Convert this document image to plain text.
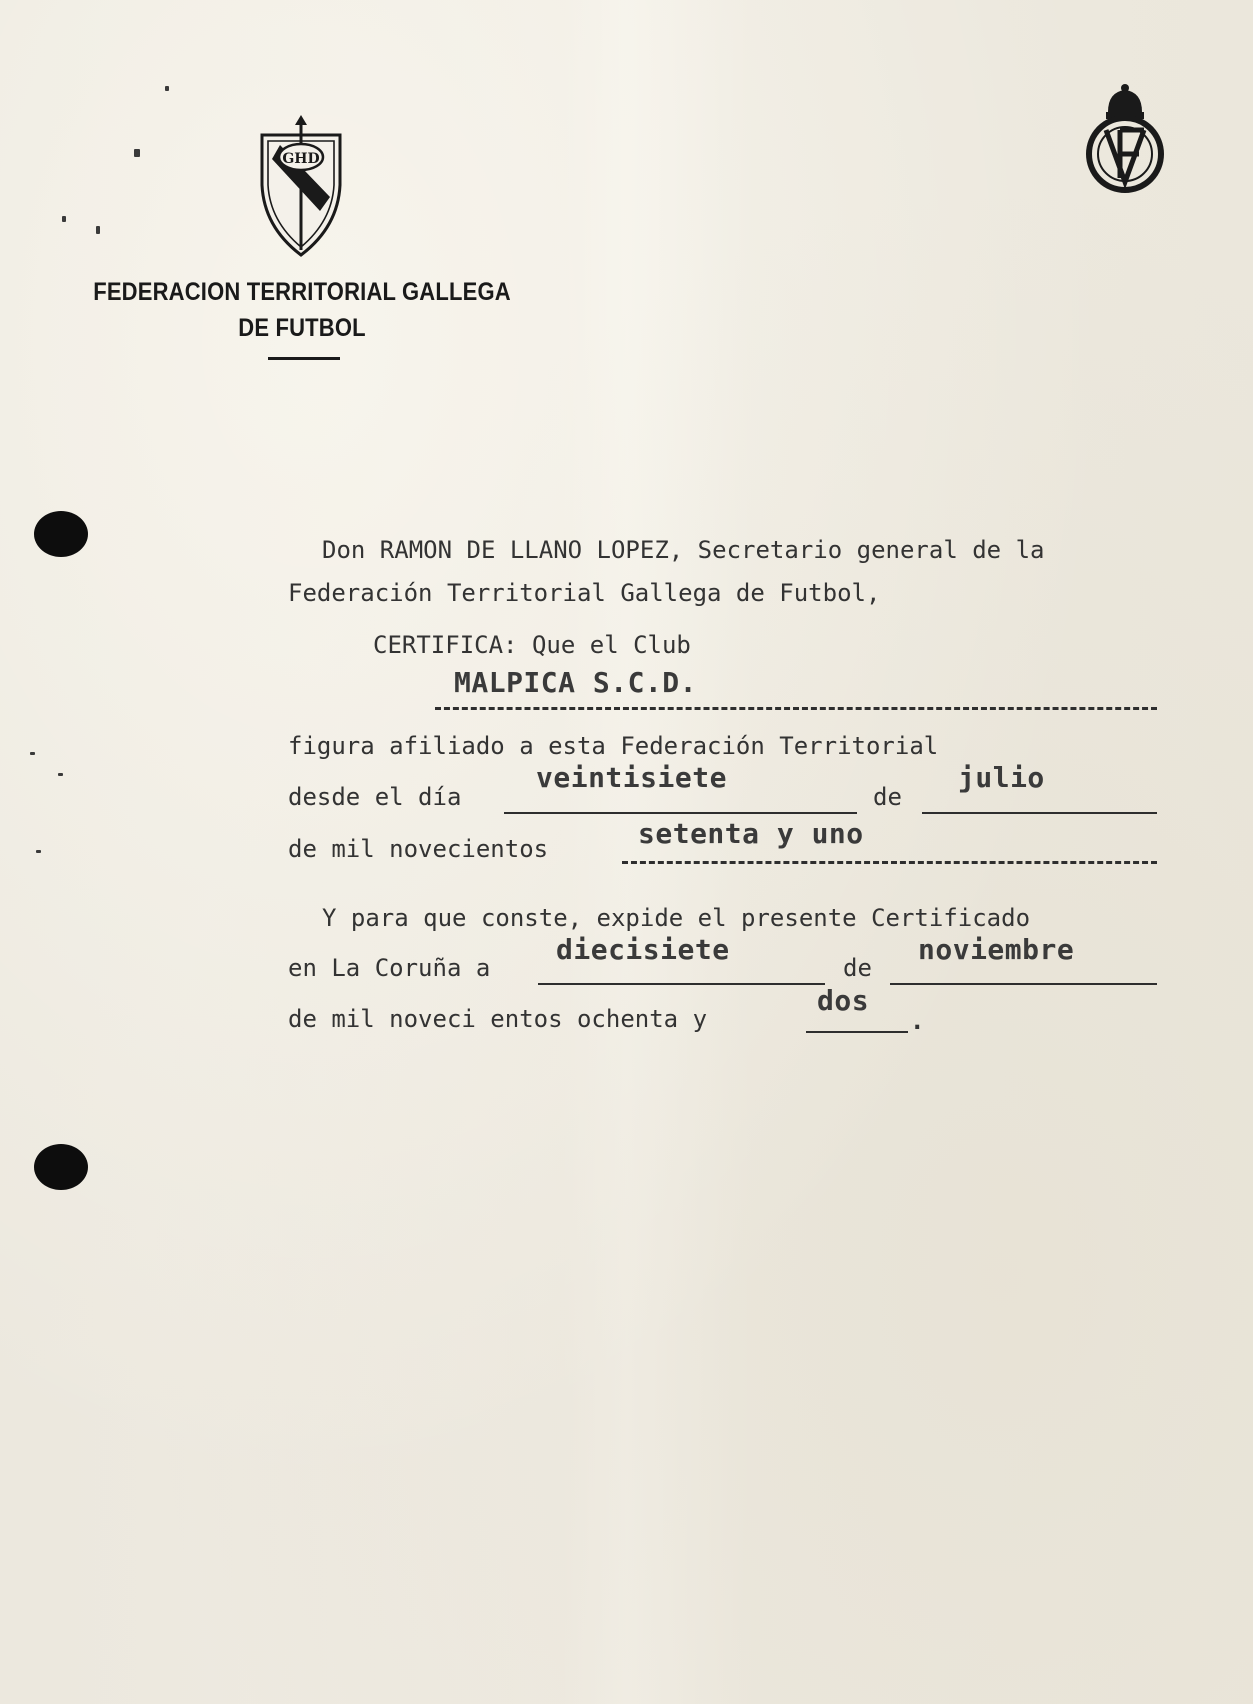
GHD
FEDERACION TERRITORIAL GALLEGA
DE FUTBOL
Don RAMON DE LLANO LOPEZ, Secretario general de la
Federación Territorial Gallega de Futbol,
CERTIFICA: Que el Club
MALPICA S.C.D.
figura afiliado a esta Federación Territorial
desde el día
veintisiete
de
julio
de mil novecientos	setenta y uno
Y para que conste, expide el presente Certificado
en La Coruña a
diecisiete
de
noviembre
de mil noveci entos ochenta y
dos
.
